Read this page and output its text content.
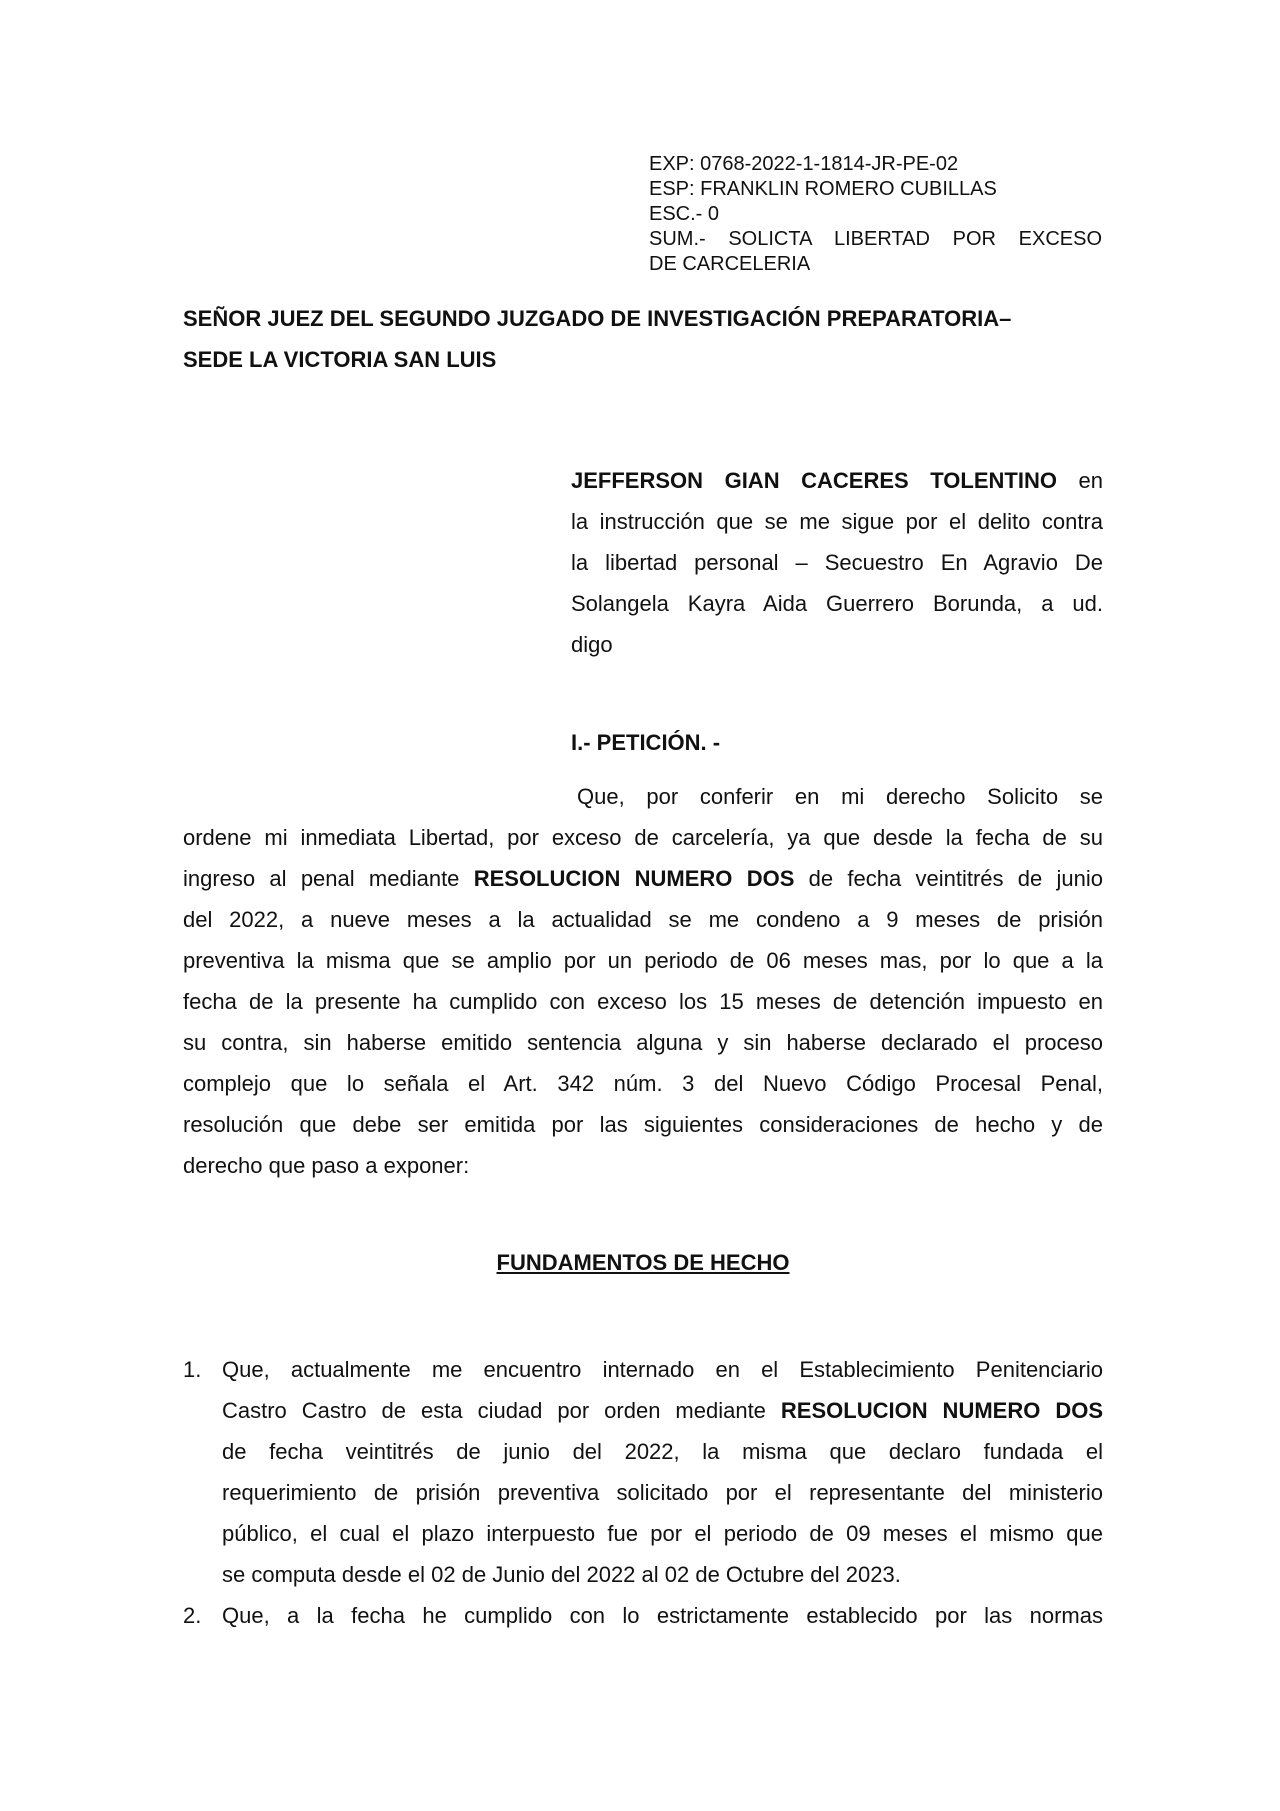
EXP: 0768-2022-1-1814-JR-PE-02
ESP: FRANKLIN ROMERO CUBILLAS
ESC.- 0
SUM.- SOLICTA LIBERTAD POR EXCESO
DE CARCELERIA
SEÑOR JUEZ DEL SEGUNDO JUZGADO DE INVESTIGACIÓN PREPARATORIA–
SEDE LA VICTORIA SAN LUIS
JEFFERSON GIAN CACERES TOLENTINO en
la instrucción que se me sigue por el delito contra
la libertad personal – Secuestro En Agravio De
Solangela Kayra Aida Guerrero Borunda, a ud.
digo
I.- PETICIÓN. -
Que, por conferir en mi derecho Solicito se
ordene mi inmediata Libertad, por exceso de carcelería, ya que desde la fecha de su
ingreso al penal mediante RESOLUCION NUMERO DOS de fecha veintitrés de junio
del 2022, a nueve meses a la actualidad se me condeno a 9 meses de prisión
preventiva la misma que se amplio por un periodo de 06 meses mas, por lo que a la
fecha de la presente ha cumplido con exceso los 15 meses de detención impuesto en
su contra, sin haberse emitido sentencia alguna y sin haberse declarado el proceso
complejo que lo señala el Art. 342 núm. 3 del Nuevo Código Procesal Penal,
resolución que debe ser emitida por las siguientes consideraciones de hecho y de
derecho que paso a exponer:
FUNDAMENTOS DE HECHO
1. Que, actualmente me encuentro internado en el Establecimiento Penitenciario
Castro Castro de esta ciudad por orden mediante RESOLUCION NUMERO DOS
de fecha veintitrés de junio del 2022, la misma que declaro fundada el
requerimiento de prisión preventiva solicitado por el representante del ministerio
público, el cual el plazo interpuesto fue por el periodo de 09 meses el mismo que
se computa desde el 02 de Junio del 2022 al 02 de Octubre del 2023.
2. Que, a la fecha he cumplido con lo estrictamente establecido por las normas
